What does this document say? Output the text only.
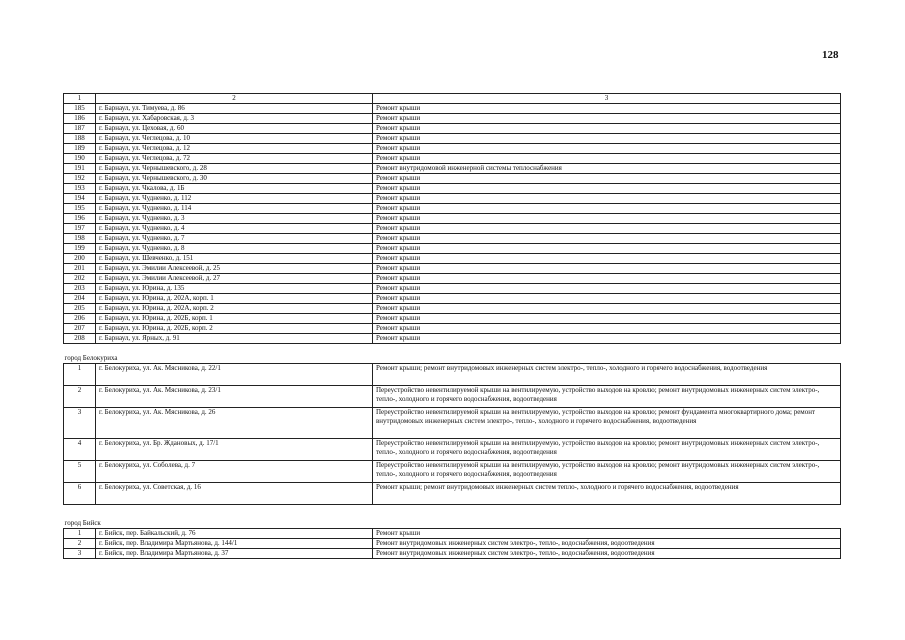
128
1	2	3
185	г. Барнаул, ул. Тимуева, д. 86	Ремонт крыши
186	г. Барнаул, ул. Хабаровская, д. 3	Ремонт крыши
187	г. Барнаул, ул. Цеховая, д. 60	Ремонт крыши
188	г. Барнаул, ул. Чеглецова, д. 10	Ремонт крыши
189	г. Барнаул, ул. Чеглецова, д. 12	Ремонт крыши
190	г. Барнаул, ул. Чеглецова, д. 72	Ремонт крыши
191	г. Барнаул, ул. Чернышевского, д. 28	Ремонт внутридомовой инженерной системы теплоснабжения
192	г. Барнаул, ул. Чернышевского, д. 30	Ремонт крыши
193	г. Барнаул, ул. Чкалова, д. 1Б	Ремонт крыши
194	г. Барнаул, ул. Чудненко, д. 112	Ремонт крыши
195	г. Барнаул, ул. Чудненко, д. 114	Ремонт крыши
196	г. Барнаул, ул. Чудненко, д. 3	Ремонт крыши
197	г. Барнаул, ул. Чудненко, д. 4	Ремонт крыши
198	г. Барнаул, ул. Чудненко, д. 7	Ремонт крыши
199	г. Барнаул, ул. Чудненко, д. 8	Ремонт крыши
200	г. Барнаул, ул. Шевченко, д. 151	Ремонт крыши
201	г. Барнаул, ул. Эмилии Алексеевой, д. 25	Ремонт крыши
202	г. Барнаул, ул. Эмилии Алексеевой, д. 27	Ремонт крыши
203	г. Барнаул, ул. Юрина, д. 135	Ремонт крыши
204	г. Барнаул, ул. Юрина, д. 202А, корп. 1	Ремонт крыши
205	г. Барнаул, ул. Юрина, д. 202А, корп. 2	Ремонт крыши
206	г. Барнаул, ул. Юрина, д. 202Б, корп. 1	Ремонт крыши
207	г. Барнаул, ул. Юрина, д. 202Б, корп. 2	Ремонт крыши
208	г. Барнаул, ул. Ярных, д. 91	Ремонт крыши

город Белокуриха		
1	г. Белокуриха, ул. Ак. Мясникова, д. 22/1	Ремонт крыши; ремонт внутридомовых инженерных систем электро-, тепло-, холодного и горячего водоснабжения, водоотведения
2	г. Белокуриха, ул. Ак. Мясникова, д. 23/1	Переустройство невентилируемой крыши на вентилируемую, устройство выходов на кровлю; ремонт внутридомовых инженерных систем электро-, тепло-, холодного и горячего водоснабжения, водоотведения
3	г. Белокуриха, ул. Ак. Мясникова, д. 26	Переустройство невентилируемой крыши на вентилируемую, устройство выходов на кровлю; ремонт фундамента многоквартирного дома; ремонт внутридомовых инженерных систем электро-, тепло-, холодного и горячего водоснабжения, водоотведения
4	г. Белокуриха, ул. Бр. Ждановых, д. 17/1	Переустройство невентилируемой крыши на вентилируемую, устройство выходов на кровлю; ремонт внутридомовых инженерных систем электро-, тепло-, холодного и горячего водоснабжения, водоотведения
5	г. Белокуриха, ул. Соболева, д. 7	Переустройство невентилируемой крыши на вентилируемую, устройство выходов на кровлю; ремонт внутридомовых инженерных систем электро-, тепло-, холодного и горячего водоснабжения, водоотведения
6	г. Белокуриха, ул. Советская, д. 16	Ремонт крыши; ремонт внутридомовых инженерных систем тепло-, холодного и горячего водоснабжения, водоотведения

город Бийск		
1	г. Бийск, пер. Байкальский, д. 76	Ремонт крыши
2	г. Бийск, пер. Владимира Мартьянова, д. 144/1	Ремонт внутридомовых инженерных систем электро-, тепло-, водоснабжения, водоотведения
3	г. Бийск, пер. Владимира Мартьянова, д. 37	Ремонт внутридомовых инженерных систем электро-, тепло-, водоснабжения, водоотведения
